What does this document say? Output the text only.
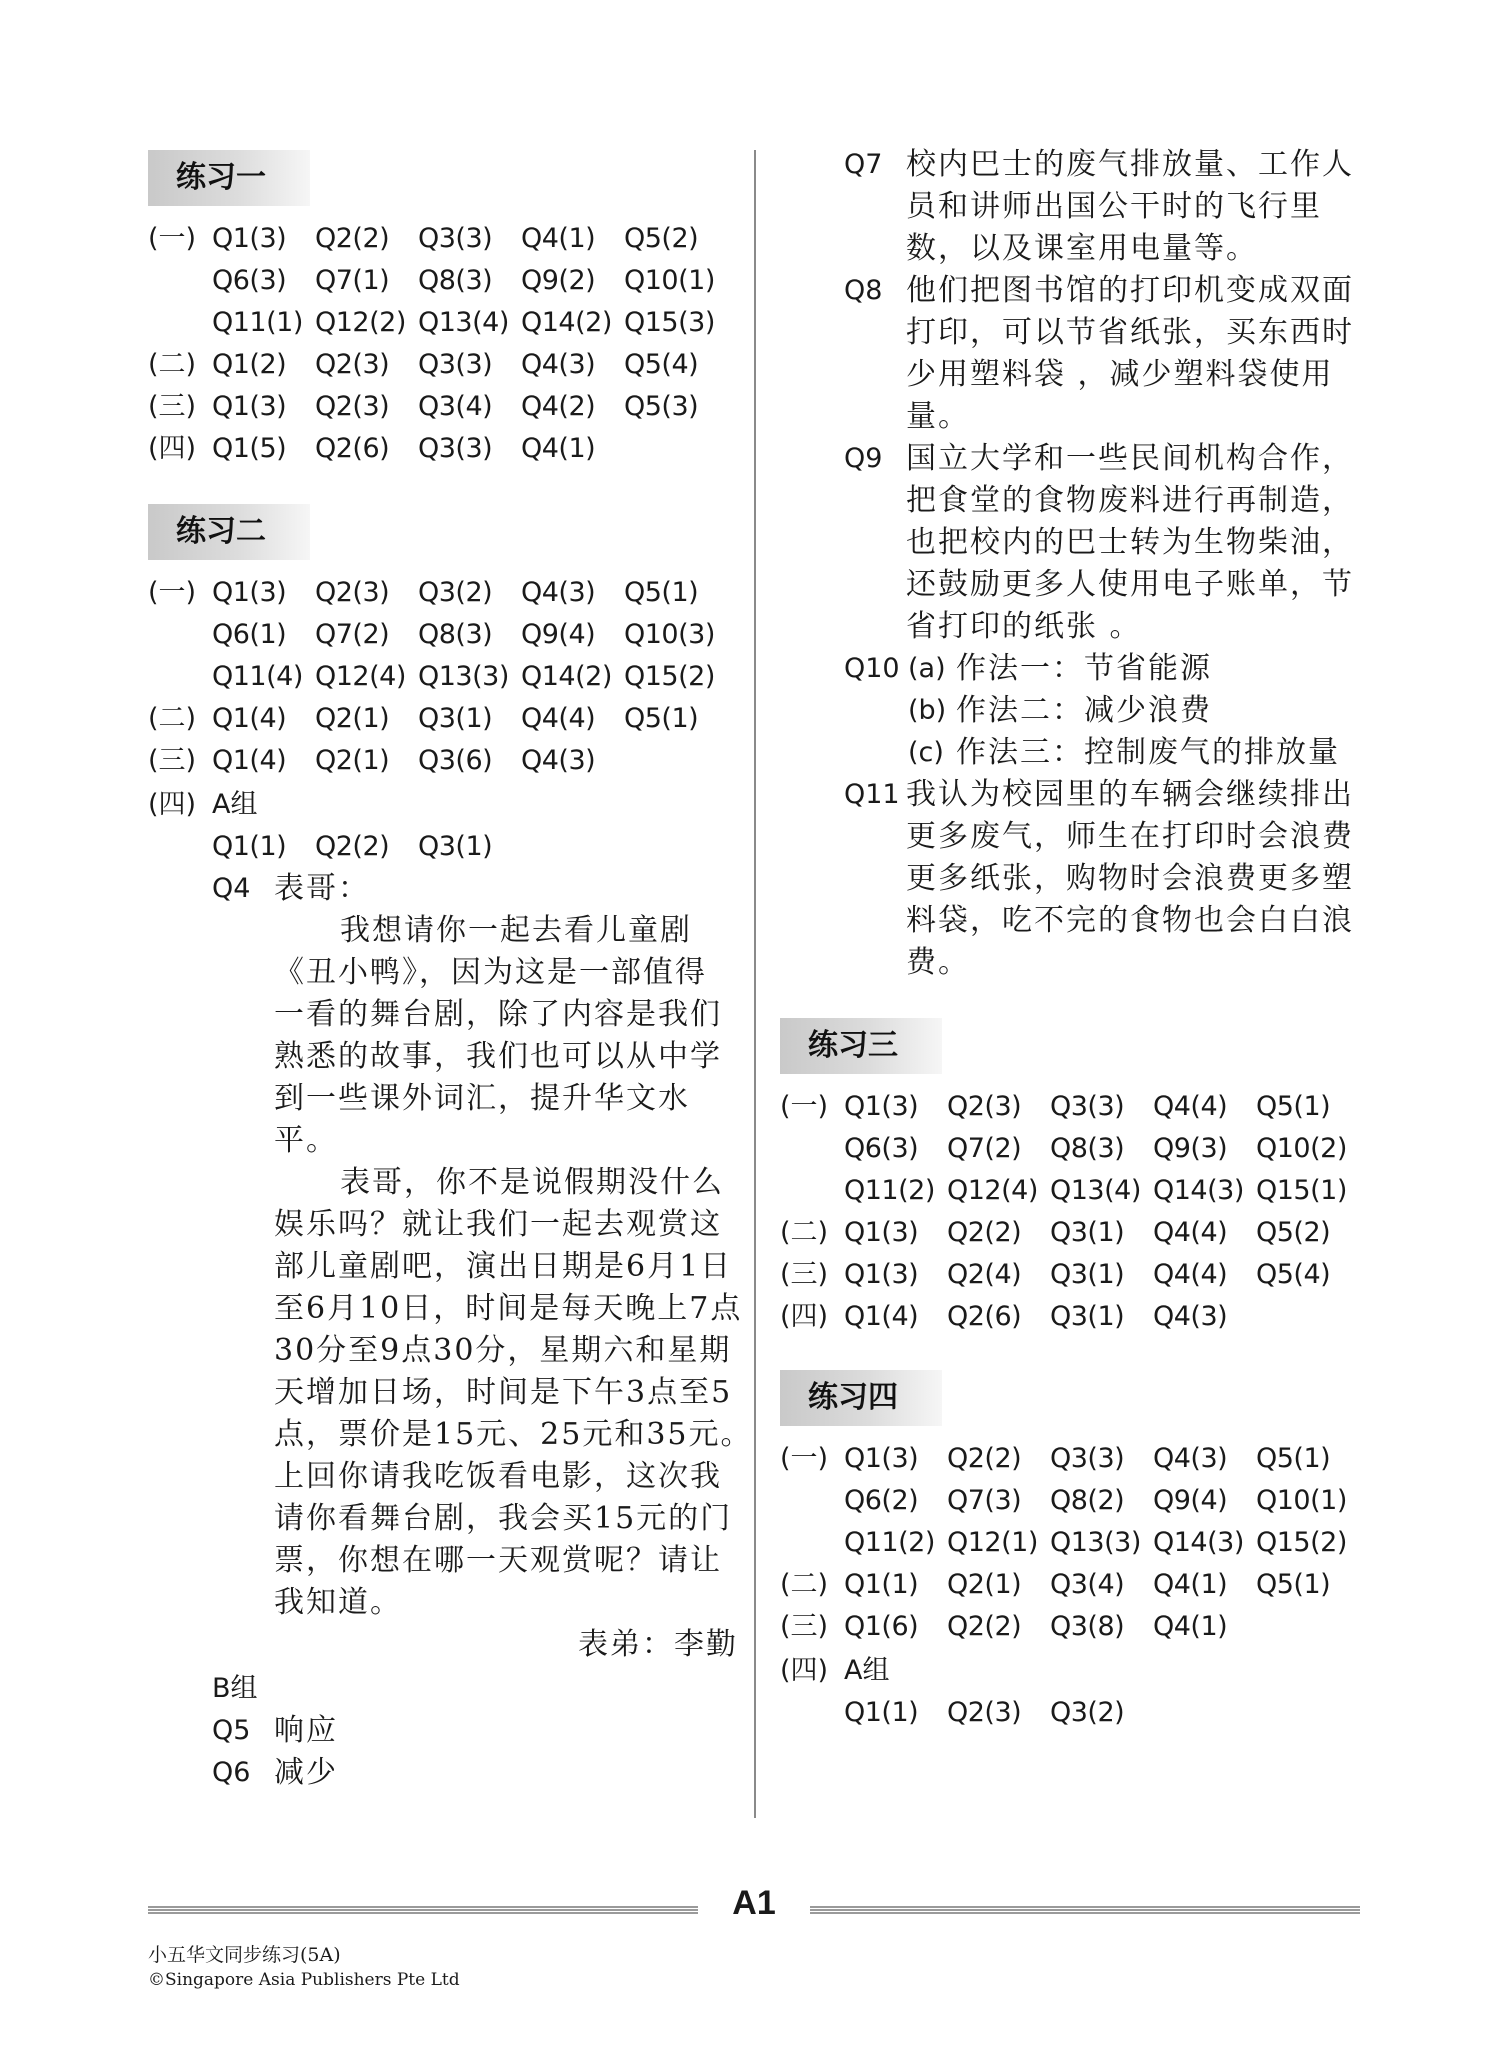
练习一
(一) Q1(3) Q2(2) Q3(3) Q4(1) Q5(2)
Q6(3) Q7(1) Q8(3) Q9(2) Q10(1)
Q11(1) Q12(2) Q13(4) Q14(2) Q15(3)
(二) Q1(2) Q2(3) Q3(3) Q4(3) Q5(4)
(三) Q1(3) Q2(3) Q3(4) Q4(2) Q5(3)
(四) Q1(5) Q2(6) Q3(3) Q4(1)
练习二
(一) Q1(3) Q2(3) Q3(2) Q4(3) Q5(1)
Q6(1) Q7(2) Q8(3) Q9(4) Q10(3)
Q11(4) Q12(4) Q13(3) Q14(2) Q15(2)
(二) Q1(4) Q2(1) Q3(1) Q4(4) Q5(1)
(三) Q1(4) Q2(1) Q3(6) Q4(3)
(四) A组
Q1(1) Q2(2) Q3(1)
Q4 表哥：
我想请你一起去看儿童剧
《丑小鸭》，因为这是一部值得
一看的舞台剧，除了内容是我们
熟悉的故事，我们也可以从中学
到一些课外词汇，提升华文水
平。
表哥，你不是说假期没什么
娱乐吗？就让我们一起去观赏这
部儿童剧吧，演出日期是6月1日
至6月10日，时间是每天晚上7点
30分至9点30分，星期六和星期
天增加日场，时间是下午3点至5
点，票价是15元、25元和35元。
上回你请我吃饭看电影，这次我
请你看舞台剧，我会买15元的门
票，你想在哪一天观赏呢？请让
我知道。
表弟：李勤
B组
Q5 响应
Q6 减少
Q7 校内巴士的废气排放量、工作人
员和讲师出国公干时的飞行里
数，以及课室用电量等。
Q8 他们把图书馆的打印机变成双面
打印，可以节省纸张，买东西时
少用塑料袋 ，减少塑料袋使用
量。
Q9 国立大学和一些民间机构合作，
把食堂的食物废料进行再制造，
也把校内的巴士转为生物柴油，
还鼓励更多人使用电子账单，节
省打印的纸张 。
Q10 (a) 作法一：节省能源
(b) 作法二：减少浪费
(c) 作法三：控制废气的排放量
Q11 我认为校园里的车辆会继续排出
更多废气，师生在打印时会浪费
更多纸张，购物时会浪费更多塑
料袋，吃不完的食物也会白白浪
费。
练习三
(一) Q1(3) Q2(3) Q3(3) Q4(4) Q5(1)
Q6(3) Q7(2) Q8(3) Q9(3) Q10(2)
Q11(2) Q12(4) Q13(4) Q14(3) Q15(1)
(二) Q1(3) Q2(2) Q3(1) Q4(4) Q5(2)
(三) Q1(3) Q2(4) Q3(1) Q4(4) Q5(4)
(四) Q1(4) Q2(6) Q3(1) Q4(3)
练习四
(一) Q1(3) Q2(2) Q3(3) Q4(3) Q5(1)
Q6(2) Q7(3) Q8(2) Q9(4) Q10(1)
Q11(2) Q12(1) Q13(3) Q14(3) Q15(2)
(二) Q1(1) Q2(1) Q3(4) Q4(1) Q5(1)
(三) Q1(6) Q2(2) Q3(8) Q4(1)
(四) A组
Q1(1) Q2(3) Q3(2)
A1
小五华文同步练习(5A)
©Singapore Asia Publishers Pte Ltd
